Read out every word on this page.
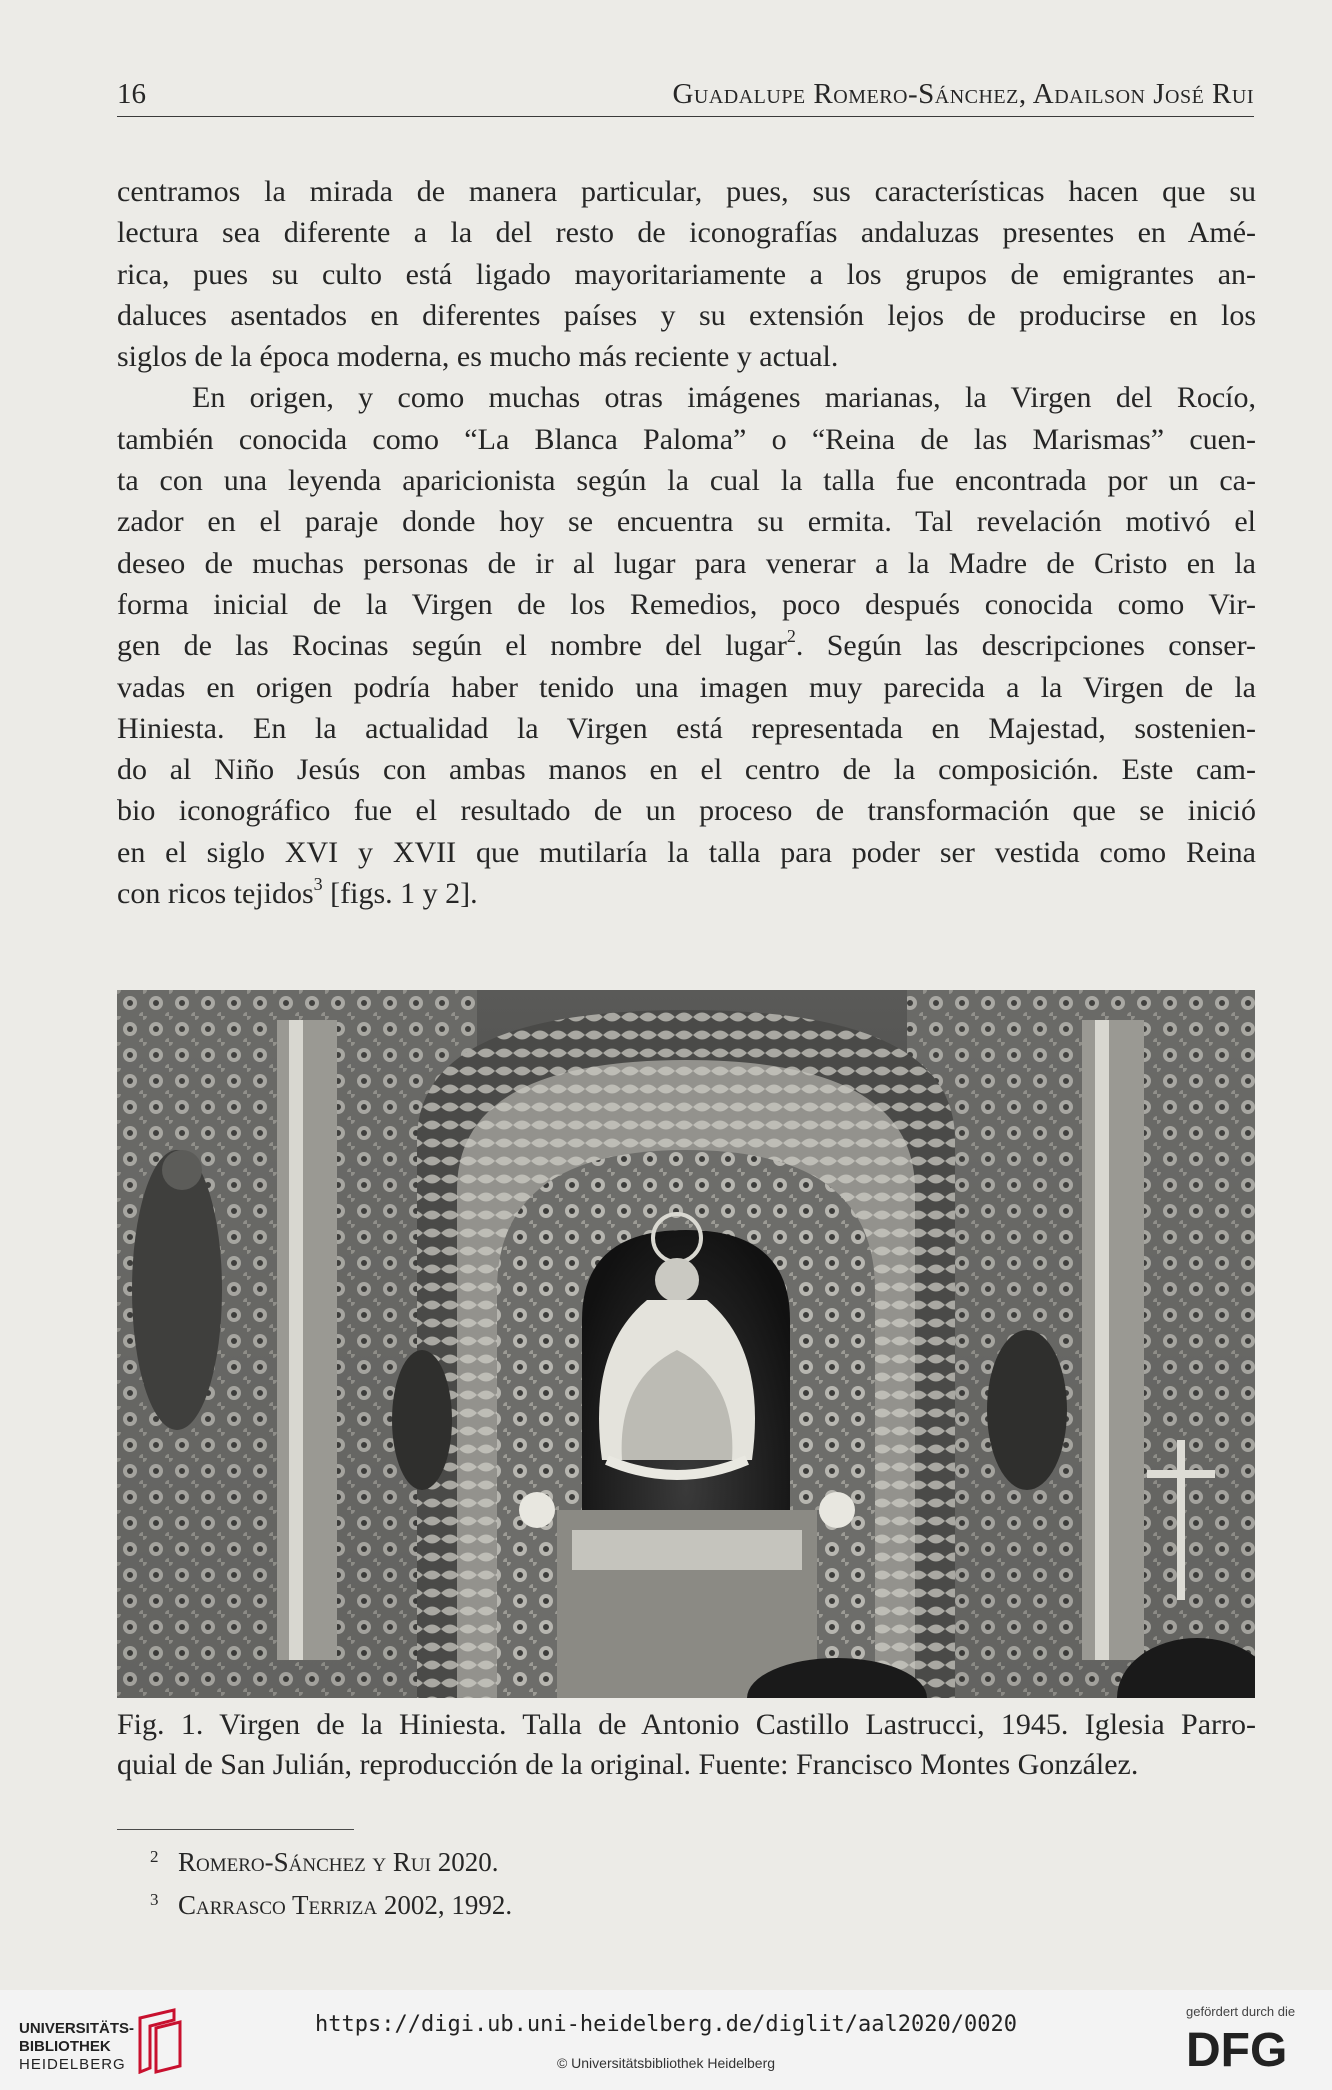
16	Guadalupe Romero-Sánchez, Adailson José Rui

centramos la mirada de manera particular, pues, sus características hacen que su
lectura sea diferente a la del resto de iconografías andaluzas presentes en Amé-
rica, pues su culto está ligado mayoritariamente a los grupos de emigrantes an-
daluces asentados en diferentes países y su extensión lejos de producirse en los
siglos de la época moderna, es mucho más reciente y actual.

En origen, y como muchas otras imágenes marianas, la Virgen del Rocío,
también conocida como “La Blanca Paloma” o “Reina de las Marismas” cuen-
ta con una leyenda aparicionista según la cual la talla fue encontrada por un ca-
zador en el paraje donde hoy se encuentra su ermita. Tal revelación motivó el
deseo de muchas personas de ir al lugar para venerar a la Madre de Cristo en la
forma inicial de la Virgen de los Remedios, poco después conocida como Vir-
gen de las Rocinas según el nombre del lugar$^2$. Según las descripciones conser-
vadas en origen podría haber tenido una imagen muy parecida a la Virgen de la
Hiniesta. En la actualidad la Virgen está representada en Majestad, sostenien-
do al Niño Jesús con ambas manos en el centro de la composición. Este cam-
bio iconográfico fue el resultado de un proceso de transformación que se inició
en el siglo XVI y XVII que mutilaría la talla para poder ser vestida como Reina
con ricos tejidos$^3$ [figs. 1 y 2].

Fig. 1. Virgen de la Hiniesta. Talla de Antonio Castillo Lastrucci, 1945. Iglesia Parro-
quial de San Julián, reproducción de la original. Fuente: Francisco Montes González.
2 Romero-Sánchez y Rui 2020.
3 Carrasco Terriza 2002, 1992.
UNIVERSITÄTS-
BIBLIOTHEK
HEIDELBERG
https://digi.ub.uni-heidelberg.de/diglit/aal2020/0020
© Universitätsbibliothek Heidelberg
gefördert durch die
DFG
